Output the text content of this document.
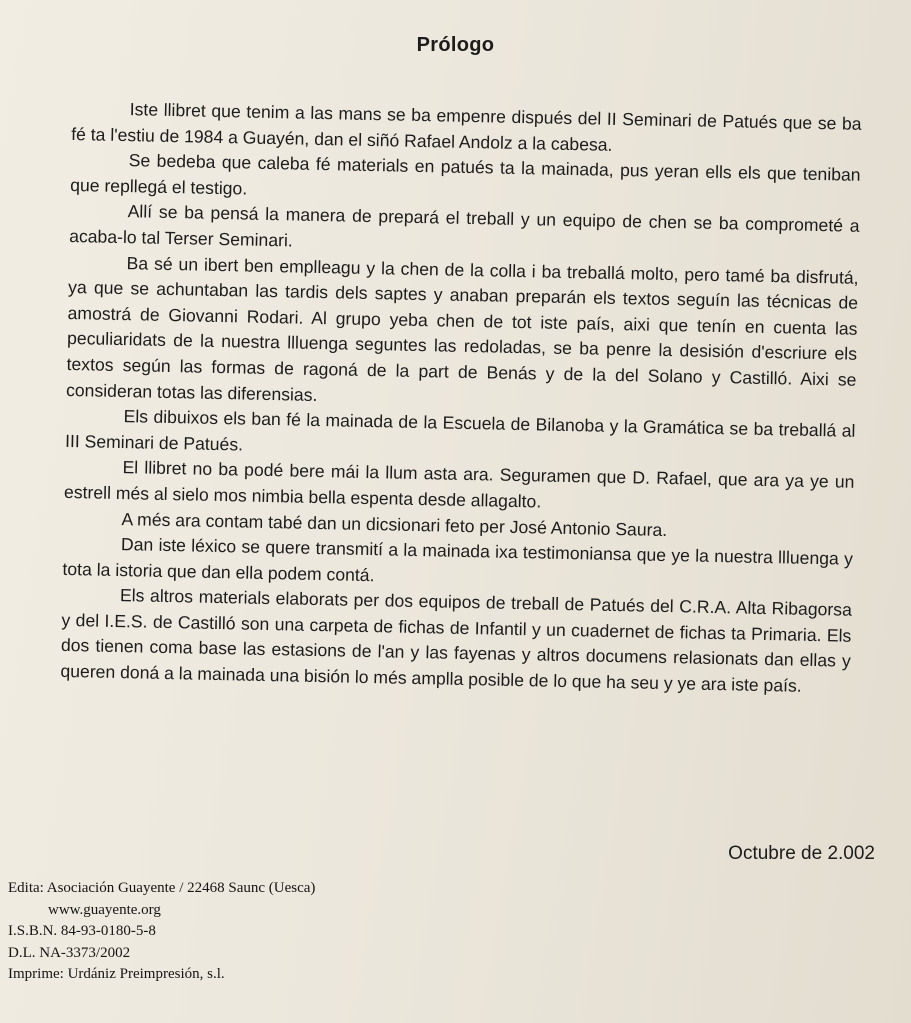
Prólogo

Iste llibret que tenim a las mans se ba empenre dispués del II Seminari de Patués que se ba fé ta l'estiu de 1984 a Guayén, dan el siñó Rafael Andolz a la cabesa.

Se bedeba que caleba fé materials en patués ta la mainada, pus yeran ells els que teniban que repllegá el testigo.

Allí se ba pensá la manera de prepará el treball y un equipo de chen se ba comprometé a acaba-lo tal Terser Seminari.

Ba sé un ibert ben emplleagu y la chen de la colla i ba treballá molto, pero tamé ba disfrutá, ya que se achuntaban las tardis dels saptes y anaban preparán els textos seguín las técnicas de amostrá de Giovanni Rodari. Al grupo yeba chen de tot iste país, aixi que tenín en cuenta las peculiaridats de la nuestra llluenga seguntes las redoladas, se ba penre la desisión d'escriure els textos según las formas de ragoná de la part de Benás y de la del Solano y Castilló. Aixi se consideran totas las diferensias.

Els dibuixos els ban fé la mainada de la Escuela de Bilanoba y la Gramática se ba treballá al III Seminari de Patués.

El llibret no ba podé bere mái la llum asta ara. Seguramen que D. Rafael, que ara ya ye un estrell més al sielo mos nimbia bella espenta desde allagalto.

A més ara contam tabé dan un dicsionari feto per José Antonio Saura.

Dan iste léxico se quere transmití a la mainada ixa testimoniansa que ye la nuestra llluenga y tota la istoria que dan ella podem contá.

Els altros materials elaborats per dos equipos de treball de Patués del C.R.A. Alta Ribagorsa y del I.E.S. de Castilló son una carpeta de fichas de Infantil y un cuadernet de fichas ta Primaria. Els dos tienen coma base las estasions de l'an y las fayenas y altros documens relasionats dan ellas y queren doná a la mainada una bisión lo més amplla posible de lo que ha seu y ye ara iste país.

Octubre de 2.002
Edita: Asociación Guayente / 22468 Saunc (Uesca)
www.guayente.org
I.S.B.N. 84-93-0180-5-8
D.L. NA-3373/2002
Imprime: Urdániz Preimpresión, s.l.
